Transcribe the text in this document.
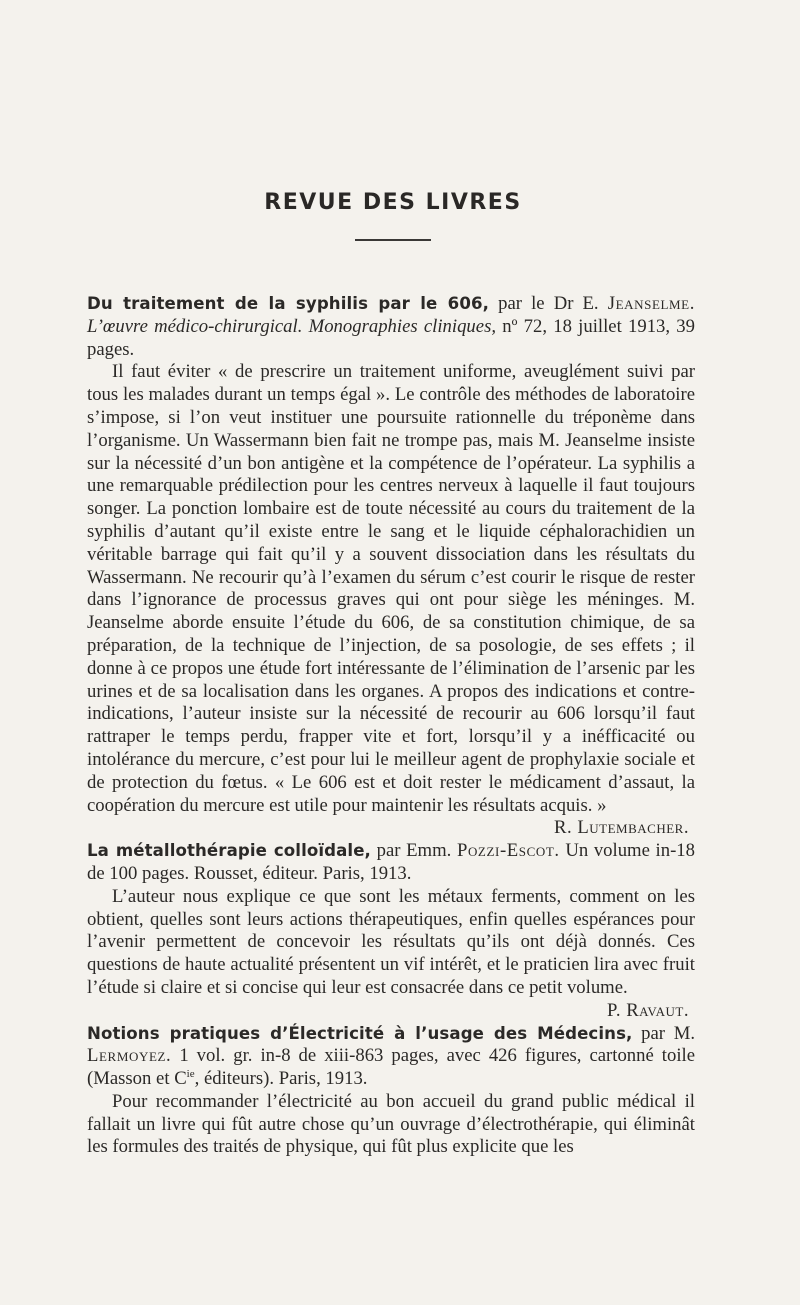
REVUE DES LIVRES

Du traitement de la syphilis par le 606, par le Dr E. Jeanselme. L’œuvre médico-chirurgical. Monographies cliniques, nº 72, 18 juillet 1913, 39 pages.

Il faut éviter « de prescrire un traitement uniforme, aveuglément suivi par tous les malades durant un temps égal ». Le contrôle des méthodes de laboratoire s’impose, si l’on veut instituer une poursuite rationnelle du tréponème dans l’organisme. Un Wassermann bien fait ne trompe pas, mais M. Jeanselme insiste sur la nécessité d’un bon antigène et la compétence de l’opérateur. La syphilis a une remarquable prédilection pour les centres nerveux à laquelle il faut toujours songer. La ponction lombaire est de toute nécessité au cours du traitement de la syphilis d’autant qu’il existe entre le sang et le liquide céphalorachidien un véritable barrage qui fait qu’il y a souvent dissociation dans les résultats du Wassermann. Ne recourir qu’à l’examen du sérum c’est courir le risque de rester dans l’ignorance de processus graves qui ont pour siège les méninges. M. Jeanselme aborde ensuite l’étude du 606, de sa constitution chimique, de sa préparation, de la technique de l’injection, de sa posologie, de ses effets ; il donne à ce propos une étude fort intéressante de l’élimination de l’arsenic par les urines et de sa localisation dans les organes. A propos des indications et contre-indications, l’auteur insiste sur la nécessité de recourir au 606 lorsqu’il faut rattraper le temps perdu, frapper vite et fort, lorsqu’il y a inéfficacité ou intolérance du mercure, c’est pour lui le meilleur agent de prophylaxie sociale et de protection du fœtus. « Le 606 est et doit rester le médicament d’assaut, la coopération du mercure est utile pour maintenir les résultats acquis. »
R. Lutembacher.

La métallothérapie colloïdale, par Emm. Pozzi-Escot. Un volume in-18 de 100 pages. Rousset, éditeur. Paris, 1913.

L’auteur nous explique ce que sont les métaux ferments, comment on les obtient, quelles sont leurs actions thérapeutiques, enfin quelles espérances pour l’avenir permettent de concevoir les résultats qu’ils ont déjà donnés. Ces questions de haute actualité présentent un vif intérêt, et le praticien lira avec fruit l’étude si claire et si concise qui leur est consacrée dans ce petit volume.
P. Ravaut.

Notions pratiques d’Électricité à l’usage des Médecins, par M. Lermoyez. 1 vol. gr. in-8 de xiii-863 pages, avec 426 figures, cartonné toile (Masson et $C^{ie}$, éditeurs). Paris, 1913.

Pour recommander l’électricité au bon accueil du grand public médical il fallait un livre qui fût autre chose qu’un ouvrage d’électrothérapie, qui éliminât les formules des traités de physique, qui fût plus explicite que les
